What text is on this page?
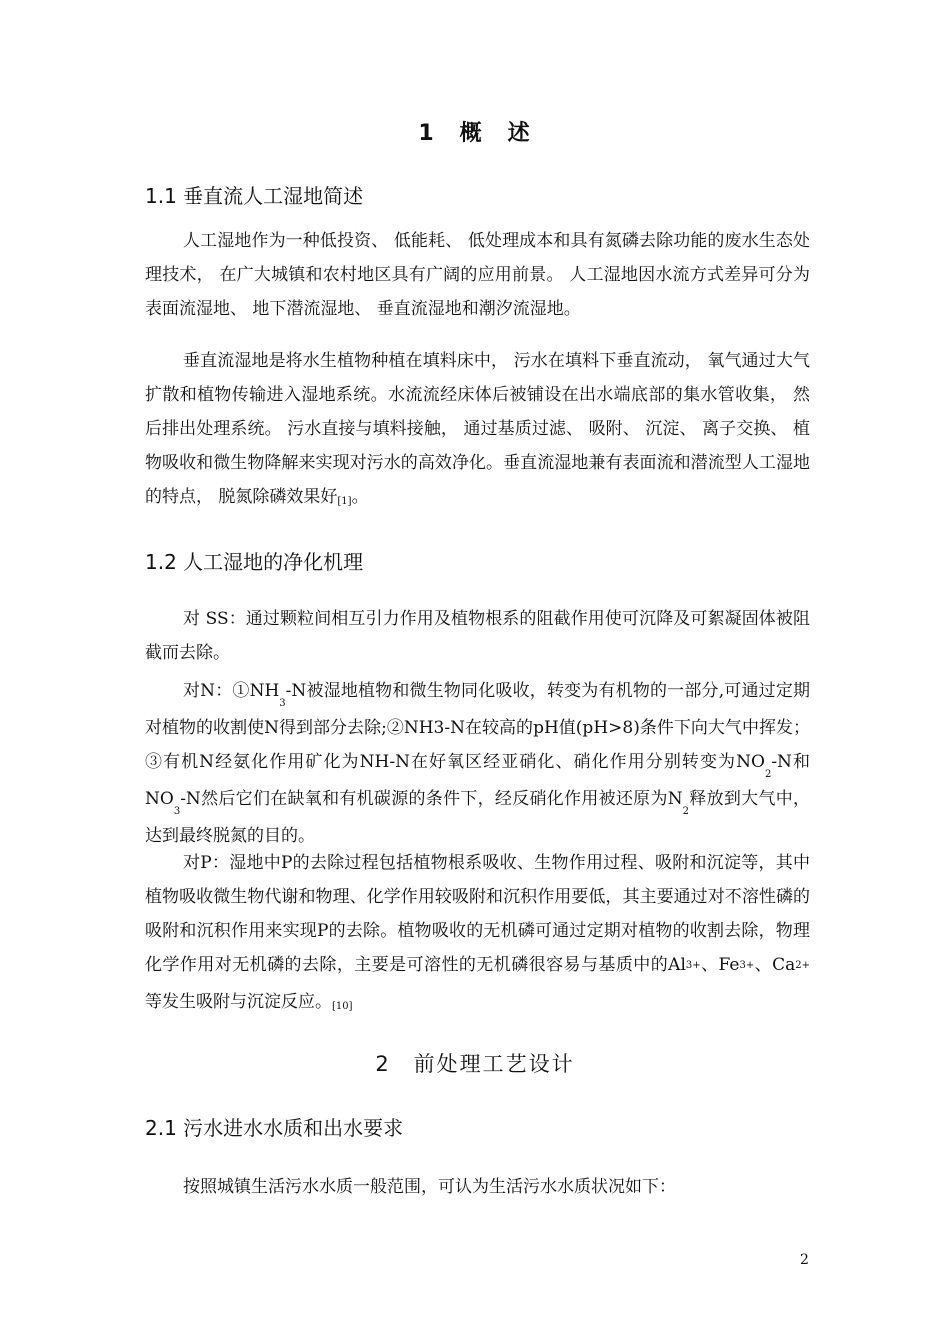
1　概　述
1.1 垂直流人工湿地简述

人工湿地作为一种低投资、 低能耗、 低处理成本和具有氮磷去除功能的废水生态处理技术， 在广大城镇和农村地区具有广阔的应用前景。 人工湿地因水流方式差异可分为表面流湿地、 地下潜流湿地、 垂直流湿地和潮汐流湿地。

垂直流湿地是将水生植物种植在填料床中， 污水在填料下垂直流动， 氧气通过大气扩散和植物传输进入湿地系统。水流流经床体后被铺设在出水端底部的集水管收集， 然后排出处理系统。 污水直接与填料接触， 通过基质过滤、 吸附、 沉淀、 离子交换、 植物吸收和微生物降解来实现对污水的高效净化。垂直流湿地兼有表面流和潜流型人工湿地的特点， 脱氮除磷效果好[1]。

1.2 人工湿地的净化机理

对 SS：通过颗粒间相互引力作用及植物根系的阻截作用使可沉降及可絮凝固体被阻截而去除。

对N：$①NH_3-N$被湿地植物和微生物同化吸收，转变为有机物的一部分,可通过定期对植物的收割使N得到部分去除;②NH3-N在较高的pH值(pH>8)条件下向大气中挥发；③有机N经氨化作用矿化为NH-N在好氧区经亚硝化、硝化作用分别转变为$NO_2-N$和$NO_3-N$然后它们在缺氧和有机碳源的条件下，经反硝化作用被还原为$N_2$释放到大气中，达到最终脱氮的目的。

对P：湿地中P的去除过程包括植物根系吸收、生物作用过程、吸附和沉淀等，其中植物吸收微生物代谢和物理、化学作用较吸附和沉积作用要低，其主要通过对不溶性磷的吸附和沉积作用来实现P的去除。植物吸收的无机磷可通过定期对植物的收割去除，物理化学作用对无机磷的去除，主要是可溶性的无机磷很容易与基质中的Al3+、Fe3+、Ca2+ 等发生吸附与沉淀反应。[10]

2　前处理工艺设计
2.1 污水进水水质和出水要求

按照城镇生活污水水质一般范围，可认为生活污水水质状况如下：

2
